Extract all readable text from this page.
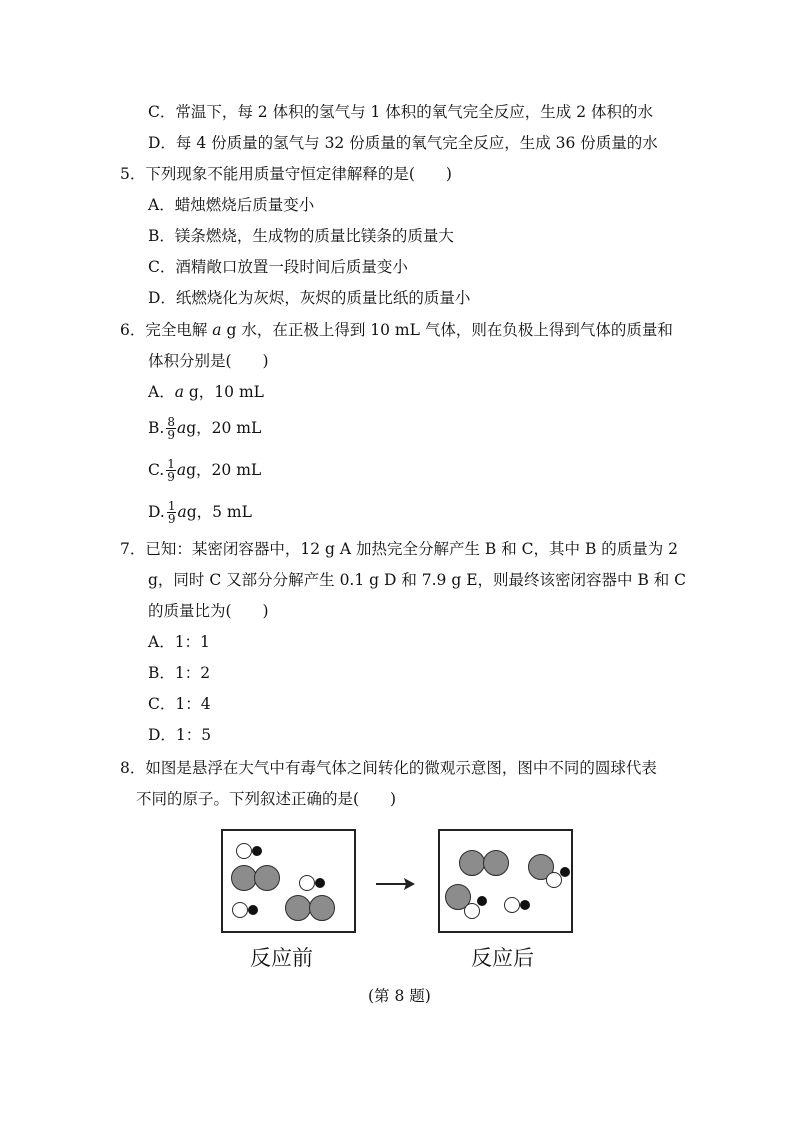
C．常温下，每 2 体积的氢气与 1 体积的氧气完全反应，生成 2 体积的水
D．每 4 份质量的氢气与 32 份质量的氧气完全反应，生成 36 份质量的水
5．下列现象不能用质量守恒定律解释的是(　　)
A．蜡烛燃烧后质量变小
B．镁条燃烧，生成物的质量比镁条的质量大
C．酒精敞口放置一段时间后质量变小
D．纸燃烧化为灰烬，灰烬的质量比纸的质量小
6．完全电解 a g 水，在正极上得到 10 mL 气体，则在负极上得到气体的质量和
体积分别是(　　)
A．a g，10 mL
B. $\frac{8}{9}$ a g，20 mL
C. $\frac{1}{9}$ a g，20 mL
D. $\frac{1}{9}$ a g，5 mL
7．已知：某密闭容器中，12 g A 加热完全分解产生 B 和 C，其中 B 的质量为 2
g，同时 C 又部分分解产生 0.1 g D 和 7.9 g E，则最终该密闭容器中 B 和 C
的质量比为(　　)
A．1：1
B．1：2
C．1：4
D．1：5
8．如图是悬浮在大气中有毒气体之间转化的微观示意图，图中不同的圆球代表
不同的原子。下列叙述正确的是(　　)
反应前	反应后
(第 8 题)
